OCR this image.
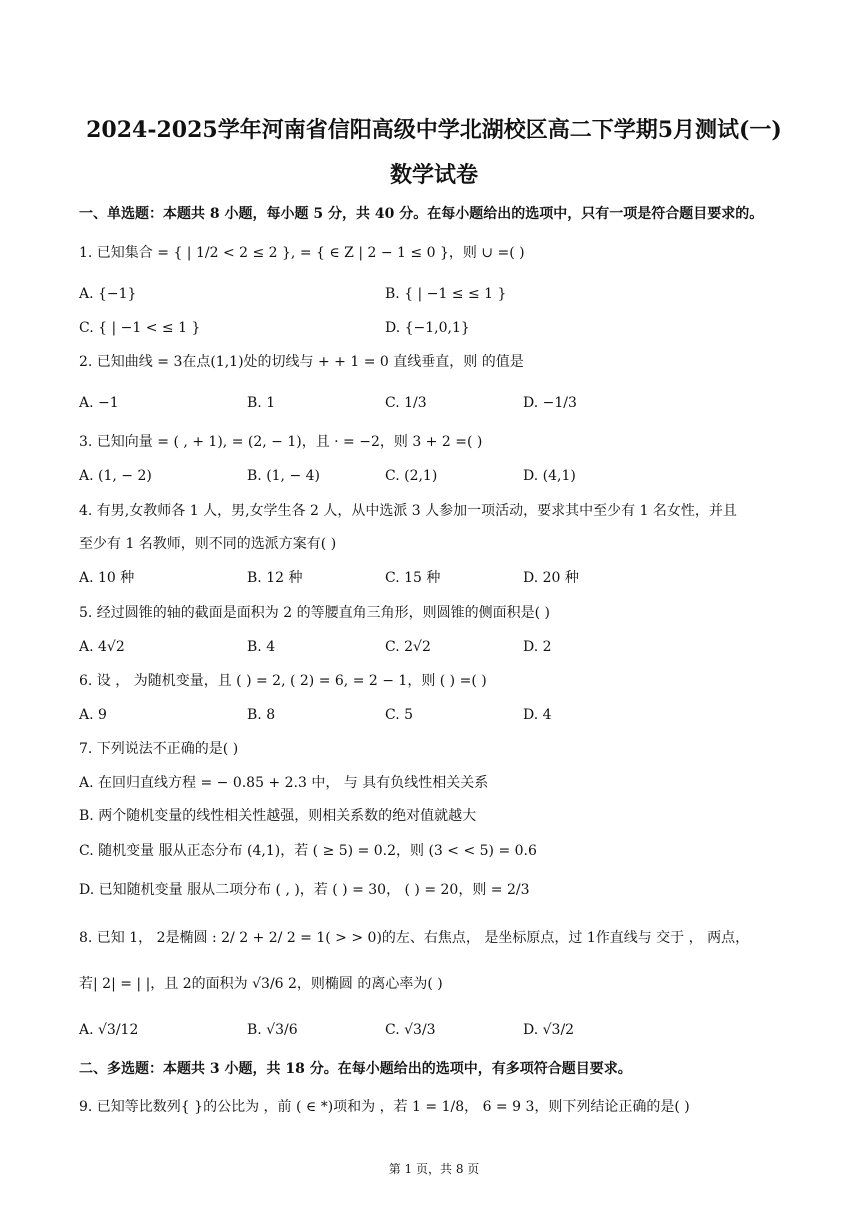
2024-2025学年河南省信阳高级中学北湖校区高二下学期5月测试(一)
数学试卷
一、单选题：本题共 8 小题，每小题 5 分，共 40 分。在每小题给出的选项中，只有一项是符合题目要求的。
1. 已知集合 = { | 1/2 < 2 ≤ 2 }, = { ∈ Z | 2 − 1 ≤ 0 }，则 ∪ =( )
A. {−1}	B. { | −1 ≤ ≤ 1 }
C. { | −1 < ≤ 1 }	D. {−1,0,1}
2. 已知曲线 = 3在点(1,1)处的切线与 + + 1 = 0 直线垂直，则 的值是
A. −1	B. 1	C. 1/3	D. −1/3
3. 已知向量 = ( , + 1), = (2, − 1)，且 · = −2，则 3 + 2 =( )
A. (1, − 2)	B. (1, − 4)	C. (2,1)	D. (4,1)
4. 有男,女教师各 1 人，男,女学生各 2 人，从中选派 3 人参加一项活动，要求其中至少有 1 名女性，并且
至少有 1 名教师，则不同的选派方案有( )
A. 10 种	B. 12 种	C. 15 种	D. 20 种
5. 经过圆锥的轴的截面是面积为 2 的等腰直角三角形，则圆锥的侧面积是( )
A. 4√2	B. 4	C. 2√2	D. 2
6. 设 ， 为随机变量，且 ( ) = 2, ( 2) = 6, = 2 − 1，则 ( ) =( )
A. 9	B. 8	C. 5	D. 4
7. 下列说法不正确的是( )
A. 在回归直线方程 = − 0.85 + 2.3 中， 与 具有负线性相关关系
B. 两个随机变量的线性相关性越强，则相关系数的绝对值就越大
C. 随机变量 服从正态分布 (4,1)，若 ( ≥ 5) = 0.2，则 (3 < < 5) = 0.6
D. 已知随机变量 服从二项分布 ( , )，若 ( ) = 30， ( ) = 20，则 = 2/3
8. 已知 1， 2是椭圆 : 2/ 2 + 2/ 2 = 1( > > 0)的左、右焦点， 是坐标原点，过 1作直线与 交于 ， 两点，
若| 2| = | |，且 2的面积为 √3/6 2，则椭圆 的离心率为( )
A. √3/12	B. √3/6	C. √3/3	D. √3/2
二、多选题：本题共 3 小题，共 18 分。在每小题给出的选项中，有多项符合题目要求。
9. 已知等比数列{ }的公比为 ，前 ( ∈ *)项和为 ，若 1 = 1/8， 6 = 9 3，则下列结论正确的是( )
第 1 页，共 8 页
